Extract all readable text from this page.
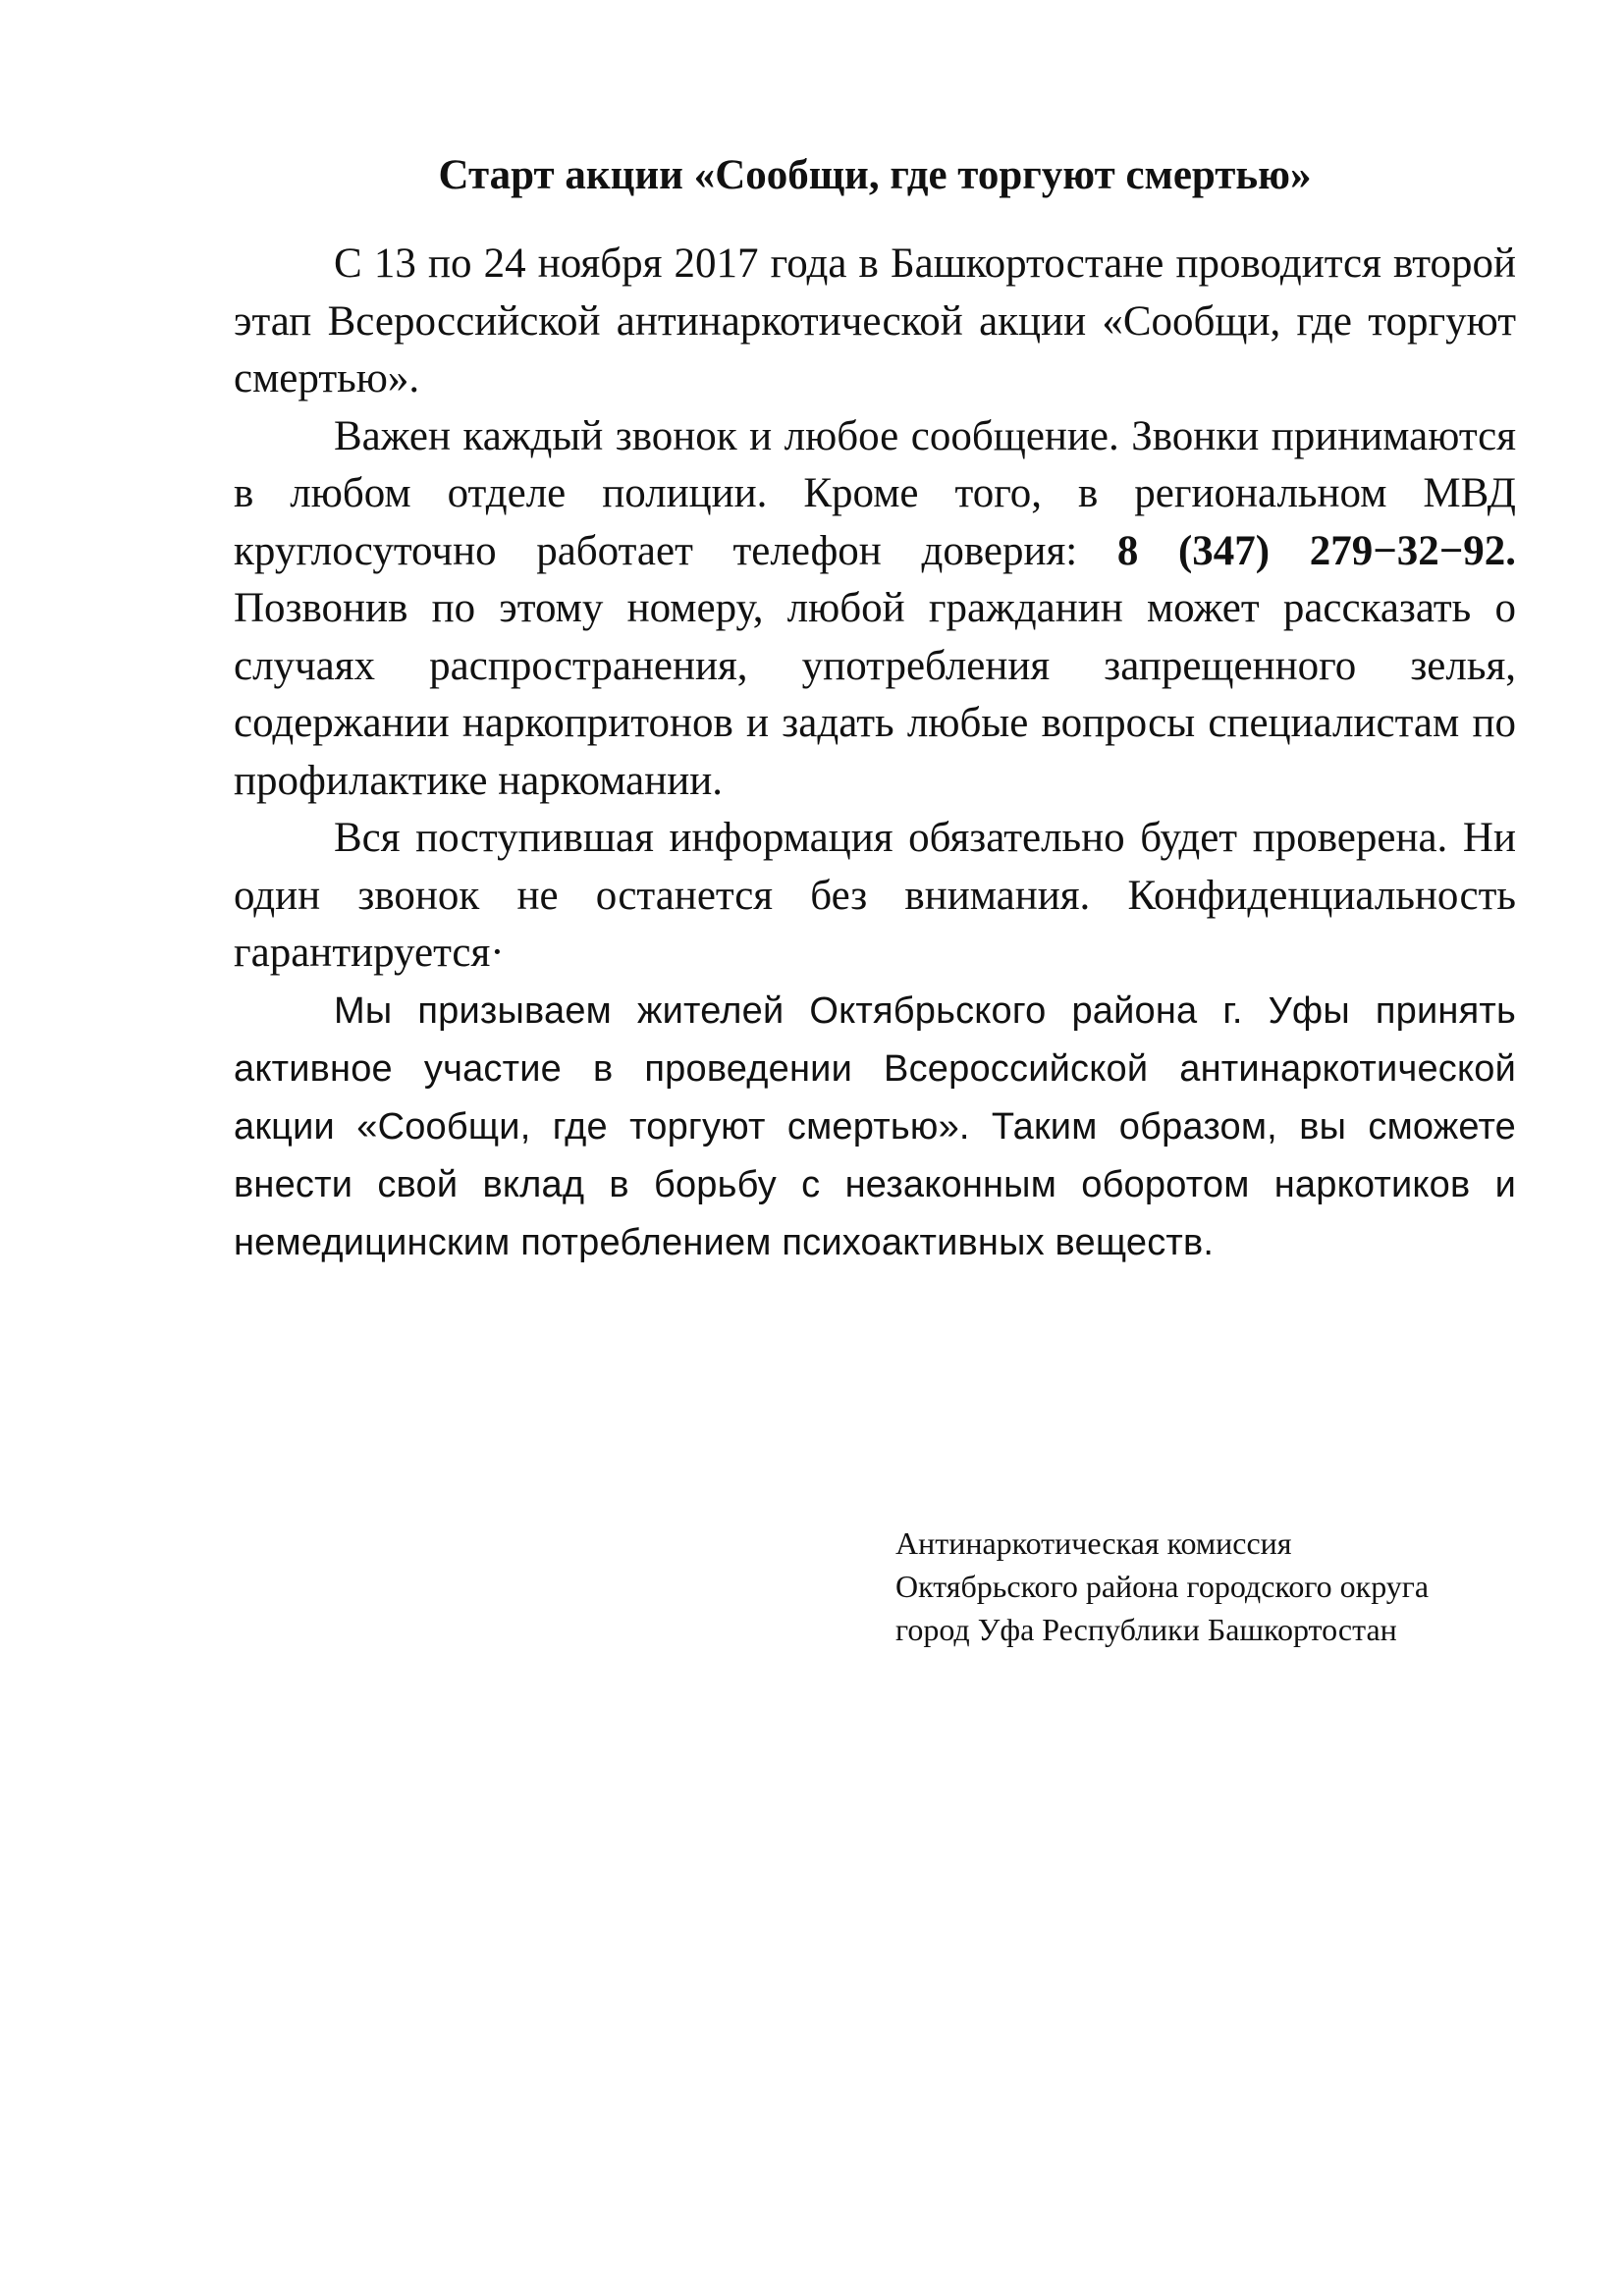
Старт акции «Сообщи, где торгуют смертью»

С 13 по 24 ноября 2017 года в Башкортостане проводится второй этап Всероссийской антинаркотической акции «Сообщи, где торгуют смертью».

Важен каждый звонок и любое сообщение. Звонки принимаются в любом отделе полиции. Кроме того, в региональном МВД круглосуточно работает телефон доверия: 8 (347) 279−32−92. Позвонив по этому номеру, любой гражданин может рассказать о случаях распространения, употребления запрещенного зелья, содержании наркопритонов и задать любые вопросы специалистам по профилактике наркомании.

Вся поступившая информация обязательно будет проверена. Ни один звонок не останется без внимания. Конфиденциальность гарантируется·

Мы призываем жителей Октябрьского района г. Уфы принять активное участие в проведении Всероссийской антинаркотической акции «Сообщи, где торгуют смертью». Таким образом, вы сможете внести свой вклад в борьбу с незаконным оборотом наркотиков и немедицинским потреблением психоактивных веществ.

Антинаркотическая комиссия
Октябрьского района городского округа
город Уфа Республики Башкортостан
